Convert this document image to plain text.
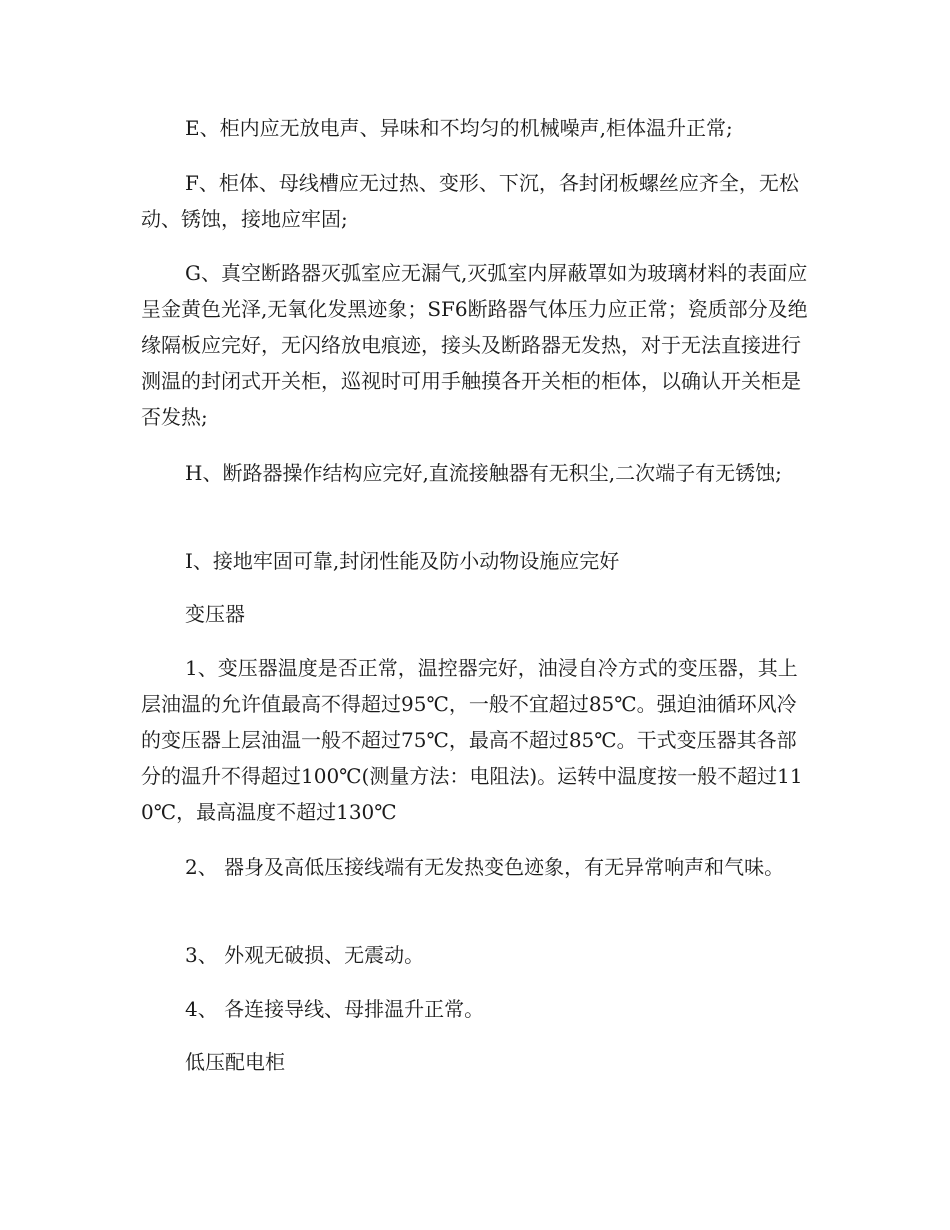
E、柜内应无放电声、异味和不均匀的机械噪声,柜体温升正常;

F、柜体、母线槽应无过热、变形、下沉，各封闭板螺丝应齐全，无松动、锈蚀，接地应牢固;

G、真空断路器灭弧室应无漏气,灭弧室内屏蔽罩如为玻璃材料的表面应呈金黄色光泽,无氧化发黑迹象；SF6断路器气体压力应正常；瓷质部分及绝缘隔板应完好，无闪络放电痕迹，接头及断路器无发热，对于无法直接进行测温的封闭式开关柜，巡视时可用手触摸各开关柜的柜体，以确认开关柜是否发热;

H、断路器操作结构应完好,直流接触器有无积尘,二次端子有无锈蚀;

I、接地牢固可靠,封闭性能及防小动物设施应完好

变压器

1、变压器温度是否正常，温控器完好，油浸自冷方式的变压器，其上层油温的允许值最高不得超过95℃，一般不宜超过85℃。强迫油循环风冷的变压器上层油温一般不超过75℃，最高不超过85℃。干式变压器其各部分的温升不得超过100℃(测量方法：电阻法)。运转中温度按一般不超过110℃，最高温度不超过130℃

2、 器身及高低压接线端有无发热变色迹象，有无异常响声和气味。

3、 外观无破损、无震动。

4、 各连接导线、母排温升正常。

低压配电柜
